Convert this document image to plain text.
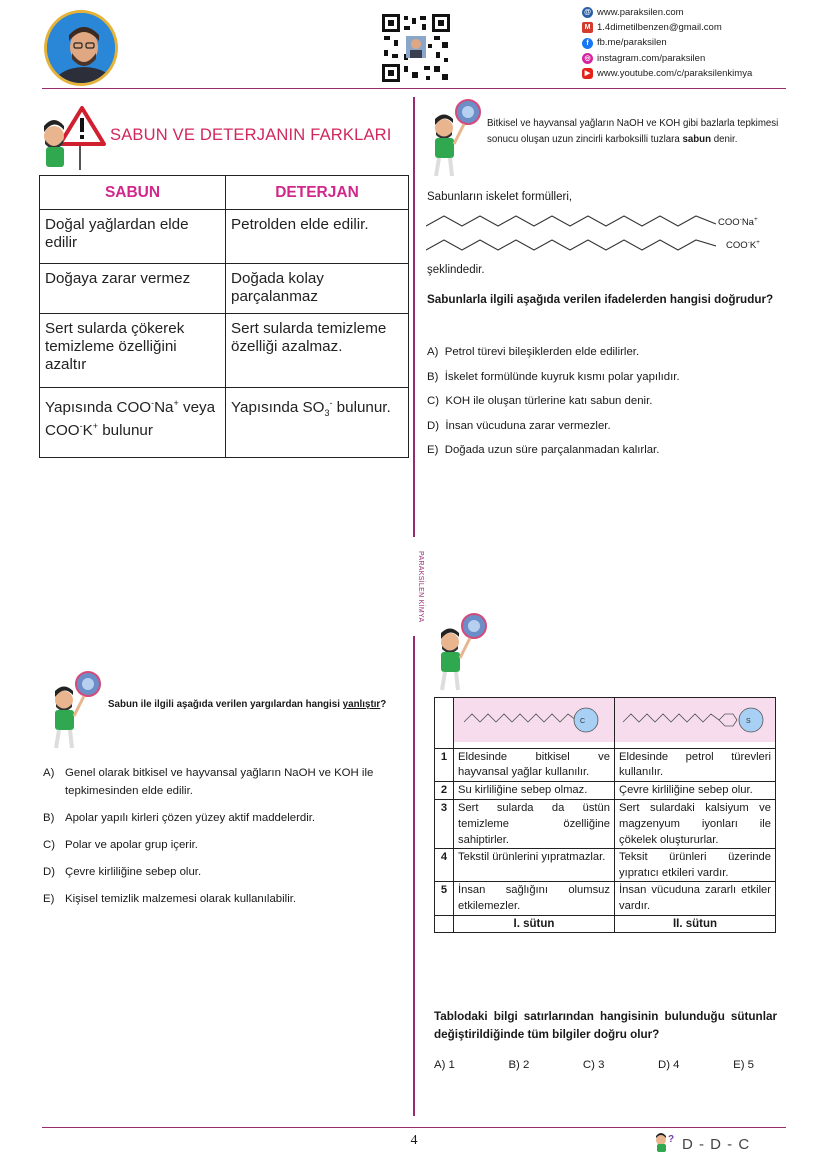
@ www.paraksilen.com
M 1.4dimetilbenzen@gmail.com
f fb.me/paraksilen
◎ instagram.com/paraksilen
▶ www.youtube.com/c/paraksilenkimya
PARAKSİLEN KİMYA
SABUN VE DETERJANIN FARKLARI
SABUN	DETERJAN
Doğal yağlardan elde edilir	Petrolden elde edilir.
Doğaya zarar vermez	Doğada kolay parçalanmaz
Sert sularda çökerek temizleme özelliğini azaltır	Sert sularda temizleme özelliği azalmaz.
Yapısında COO-Na+ veya COO-K+ bulunur	Yapısında $SO_3^-$ bulunur.
Bitkisel ve hayvansal yağların NaOH ve KOH gibi bazlarla tepkimesi sonucu oluşan uzun zincirli karboksilli tuzlara sabun denir.
Sabunların iskelet formülleri,
COO-Na+
COO-K+
şeklindedir.
Sabunlarla ilgili aşağıda verilen ifadelerden hangisi doğrudur?
A) Petrol türevi bileşiklerden elde edilirler.
B) İskelet formülünde kuyruk kısmı polar yapılıdır.
C) KOH ile oluşan türlerine katı sabun denir.
D) İnsan vücuduna zarar vermezler.
E) Doğada uzun süre parçalanmadan kalırlar.
Sabun ile ilgili aşağıda verilen yargılardan hangisi yanlıştır?
A) Genel olarak bitkisel ve hayvansal yağların NaOH ve KOH ile tepkimesinden elde edilir.
B) Apolar yapılı kirleri çözen yüzey aktif maddelerdir.
C) Polar ve apolar grup içerir.
D) Çevre kirliliğine sebep olur.
E) Kişisel temizlik malzemesi olarak kullanılabilir.

C	S

1	Eldesinde bitkisel ve hayvansal yağlar kullanılır.	Eldesinde petrol türevleri kullanılır.
2	Su kirliliğine sebep olmaz.	Çevre kirliliğine sebep olur.
3	Sert sularda da üstün temizleme özelliğine sahiptirler.	Sert sulardaki kalsiyum ve magzenyum iyonları ile çökelek oluştururlar.
4	Tekstil ürünlerini yıpratmazlar.	Teksit ürünleri üzerinde yıpratıcı etkileri vardır.
5	İnsan sağlığını olumsuz etkilemezler.	İnsan vücuduna zararlı etkiler vardır.
	I. sütun	II. sütun
Tablodaki bilgi satırlarından hangisinin bulunduğu sütunlar değiştirildiğinde tüm bilgiler doğru olur?
A) 1	B) 2	C) 3	D) 4	E) 5
4	? D - D - C
